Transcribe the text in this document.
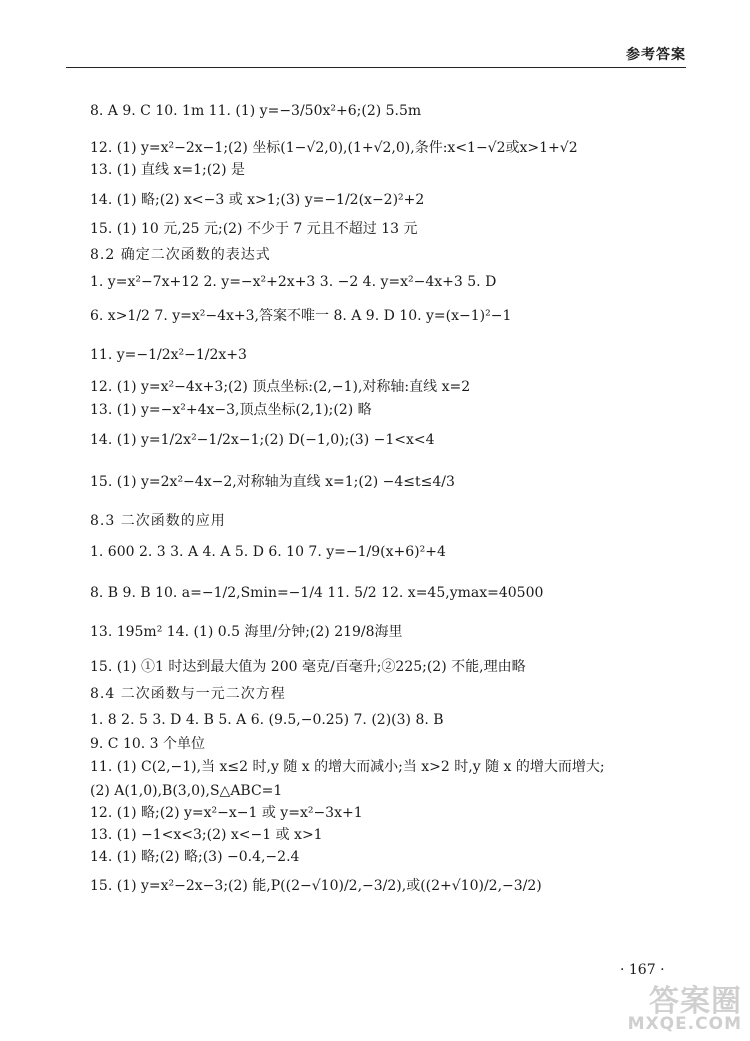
参考答案
8. A 9. C 10. 1m 11. (1) y=−3/50x²+6;(2) 5.5m
12. (1) y=x²−2x−1;(2) 坐标(1−√2,0),(1+√2,0),条件:x<1−√2或x>1+√2
13. (1) 直线 x=1;(2) 是
14. (1) 略;(2) x<−3 或 x>1;(3) y=−1/2(x−2)²+2
15. (1) 10 元,25 元;(2) 不少于 7 元且不超过 13 元
8.2 确定二次函数的表达式
1. y=x²−7x+12 2. y=−x²+2x+3 3. −2 4. y=x²−4x+3 5. D
6. x>1/2 7. y=x²−4x+3,答案不唯一 8. A 9. D 10. y=(x−1)²−1
11. y=−1/2x²−1/2x+3
12. (1) y=x²−4x+3;(2) 顶点坐标:(2,−1),对称轴:直线 x=2
13. (1) y=−x²+4x−3,顶点坐标(2,1);(2) 略
14. (1) y=1/2x²−1/2x−1;(2) D(−1,0);(3) −1<x<4
15. (1) y=2x²−4x−2,对称轴为直线 x=1;(2) −4≤t≤4/3
8.3 二次函数的应用
1. 600 2. 3 3. A 4. A 5. D 6. 10 7. y=−1/9(x+6)²+4
8. B 9. B 10. a=−1/2,Smin=−1/4 11. 5/2 12. x=45,ymax=40500
13. 195m² 14. (1) 0.5 海里/分钟;(2) 219/8海里
15. (1) ①1 时达到最大值为 200 毫克/百毫升;②225;(2) 不能,理由略
8.4 二次函数与一元二次方程
1. 8 2. 5 3. D 4. B 5. A 6. (9.5,−0.25) 7. (2)(3) 8. B
9. C 10. 3 个单位
11. (1) C(2,−1),当 x≤2 时,y 随 x 的增大而减小;当 x>2 时,y 随 x 的增大而增大;
(2) A(1,0),B(3,0),S△ABC=1
12. (1) 略;(2) y=x²−x−1 或 y=x²−3x+1
13. (1) −1<x<3;(2) x<−1 或 x>1
14. (1) 略;(2) 略;(3) −0.4,−2.4
15. (1) y=x²−2x−3;(2) 能,P((2−√10)/2,−3/2),或((2+√10)/2,−3/2)
· 167 ·
答案圈
MXQE.COM
